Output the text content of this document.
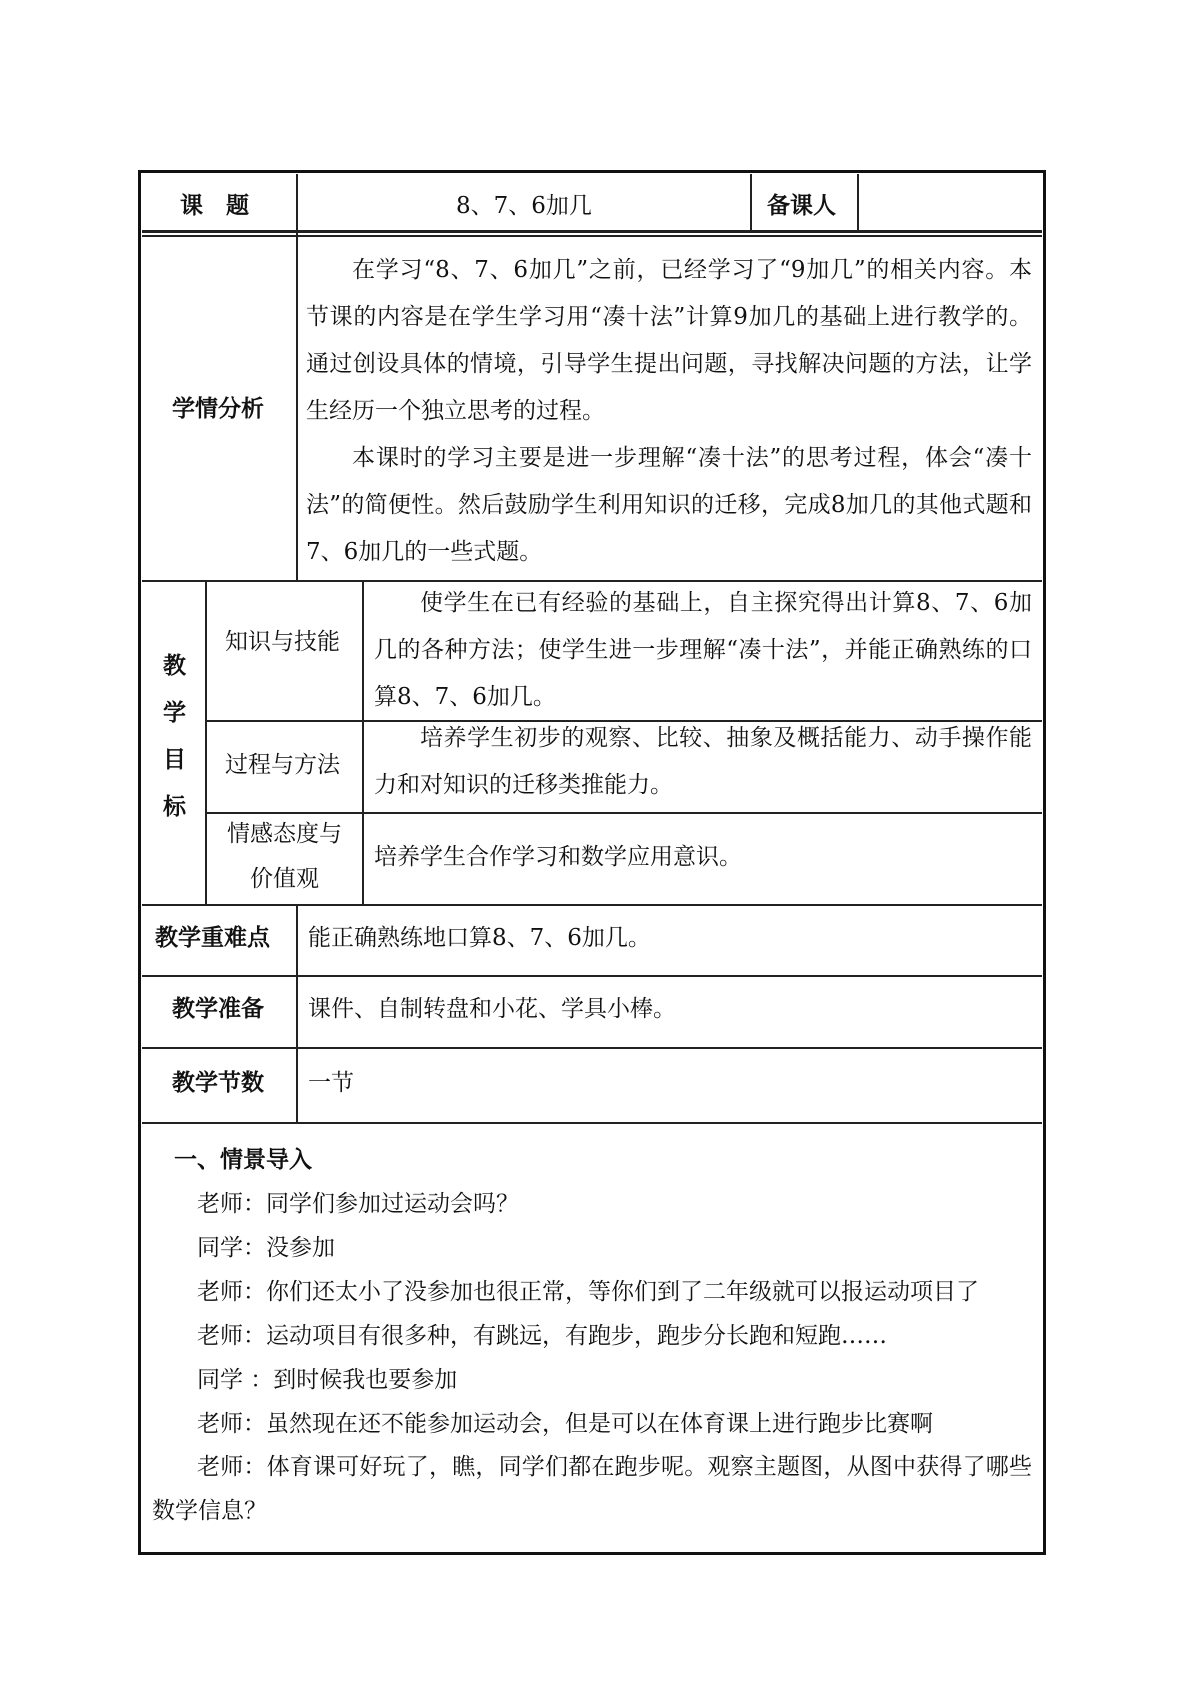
课　题	8、7、6加几	备课人
学情分析
在学习“8、7、6加几”之前，已经学习了“9加几”的相关内容。本节课的内容是在学生学习用“凑十法”计算9加几的基础上进行教学的。通过创设具体的情境，引导学生提出问题，寻找解决问题的方法，让学生经历一个独立思考的过程。
本课时的学习主要是进一步理解“凑十法”的思考过程，体会“凑十法”的简便性。然后鼓励学生利用知识的迁移，完成8加几的其他式题和7、6加几的一些式题。
教
学
目
标
知识与技能
使学生在已有经验的基础上，自主探究得出计算8、7、6加几的各种方法；使学生进一步理解“凑十法”，并能正确熟练的口算8、7、6加几。
过程与方法
培养学生初步的观察、比较、抽象及概括能力、动手操作能力和对知识的迁移类推能力。
情感态度与
价值观
培养学生合作学习和数学应用意识。
教学重难点 能正确熟练地口算8、7、6加几。
教学准备 课件、自制转盘和小花、学具小棒。
教学节数 一节
一、情景导入
老师：同学们参加过运动会吗？
同学：没参加
老师：你们还太小了没参加也很正常，等你们到了二年级就可以报运动项目了
老师：运动项目有很多种，有跳远，有跑步，跑步分长跑和短跑……
同学 ：到时候我也要参加
老师：虽然现在还不能参加运动会，但是可以在体育课上进行跑步比赛啊
老师：体育课可好玩了，瞧，同学们都在跑步呢。观察主题图，从图中获得了哪些数学信息？
